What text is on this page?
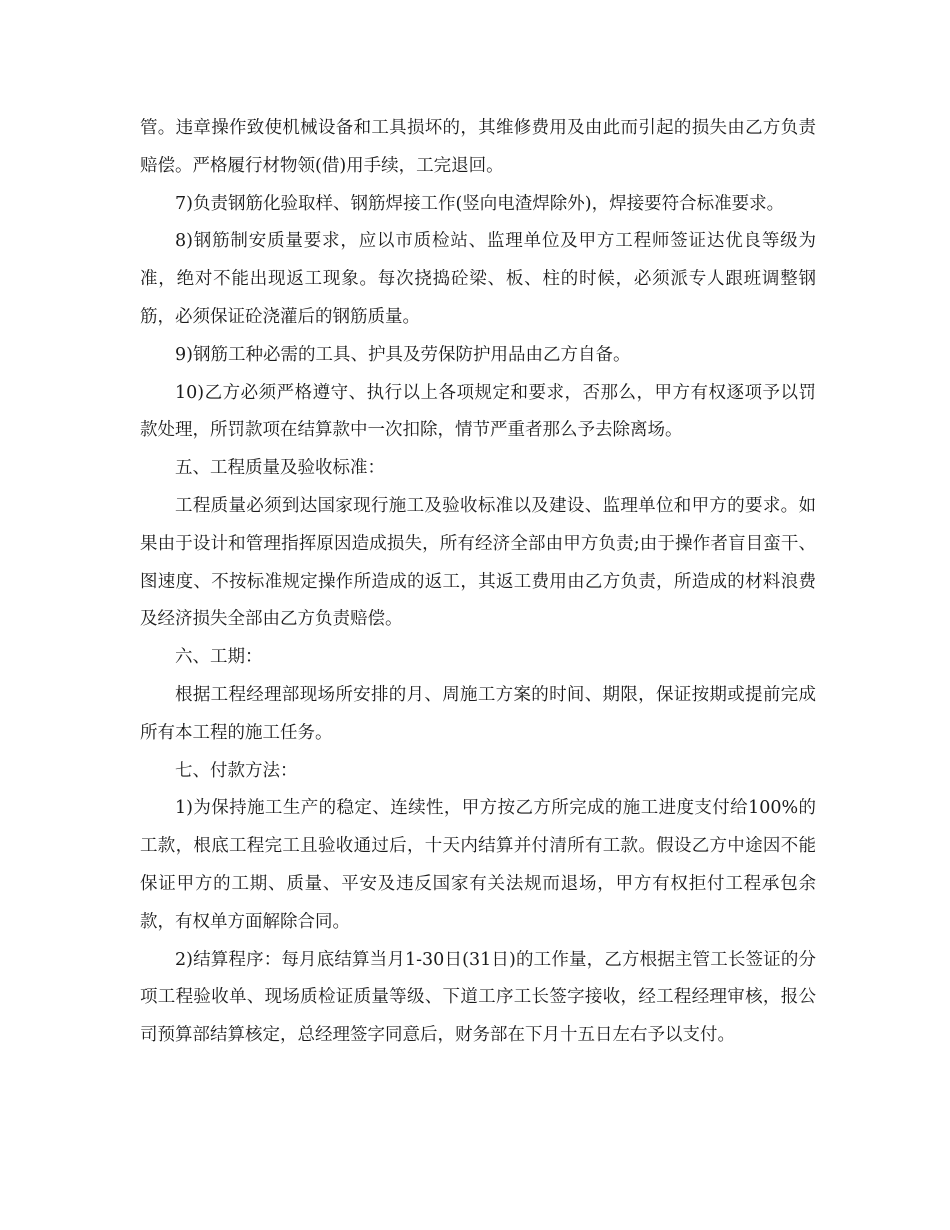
管。违章操作致使机械设备和工具损坏的，其维修费用及由此而引起的损失由乙方负责赔偿。严格履行材物领(借)用手续，工完退回。

7)负责钢筋化验取样、钢筋焊接工作(竖向电渣焊除外)，焊接要符合标准要求。

8)钢筋制安质量要求，应以市质检站、监理单位及甲方工程师签证达优良等级为准，绝对不能出现返工现象。每次挠捣砼梁、板、柱的时候，必须派专人跟班调整钢筋，必须保证砼浇灌后的钢筋质量。

9)钢筋工种必需的工具、护具及劳保防护用品由乙方自备。

10)乙方必须严格遵守、执行以上各项规定和要求，否那么，甲方有权逐项予以罚款处理，所罚款项在结算款中一次扣除，情节严重者那么予去除离场。

五、工程质量及验收标准：

工程质量必须到达国家现行施工及验收标准以及建设、监理单位和甲方的要求。如果由于设计和管理指挥原因造成损失，所有经济全部由甲方负责;由于操作者盲目蛮干、图速度、不按标准规定操作所造成的返工，其返工费用由乙方负责，所造成的材料浪费及经济损失全部由乙方负责赔偿。

六、工期：

根据工程经理部现场所安排的月、周施工方案的时间、期限，保证按期或提前完成所有本工程的施工任务。

七、付款方法：

1)为保持施工生产的稳定、连续性，甲方按乙方所完成的施工进度支付给100%的工款，根底工程完工且验收通过后，十天内结算并付清所有工款。假设乙方中途因不能保证甲方的工期、质量、平安及违反国家有关法规而退场，甲方有权拒付工程承包余款，有权单方面解除合同。

2)结算程序：每月底结算当月1-30日(31日)的工作量，乙方根据主管工长签证的分项工程验收单、现场质检证质量等级、下道工序工长签字接收，经工程经理审核，报公司预算部结算核定，总经理签字同意后，财务部在下月十五日左右予以支付。
